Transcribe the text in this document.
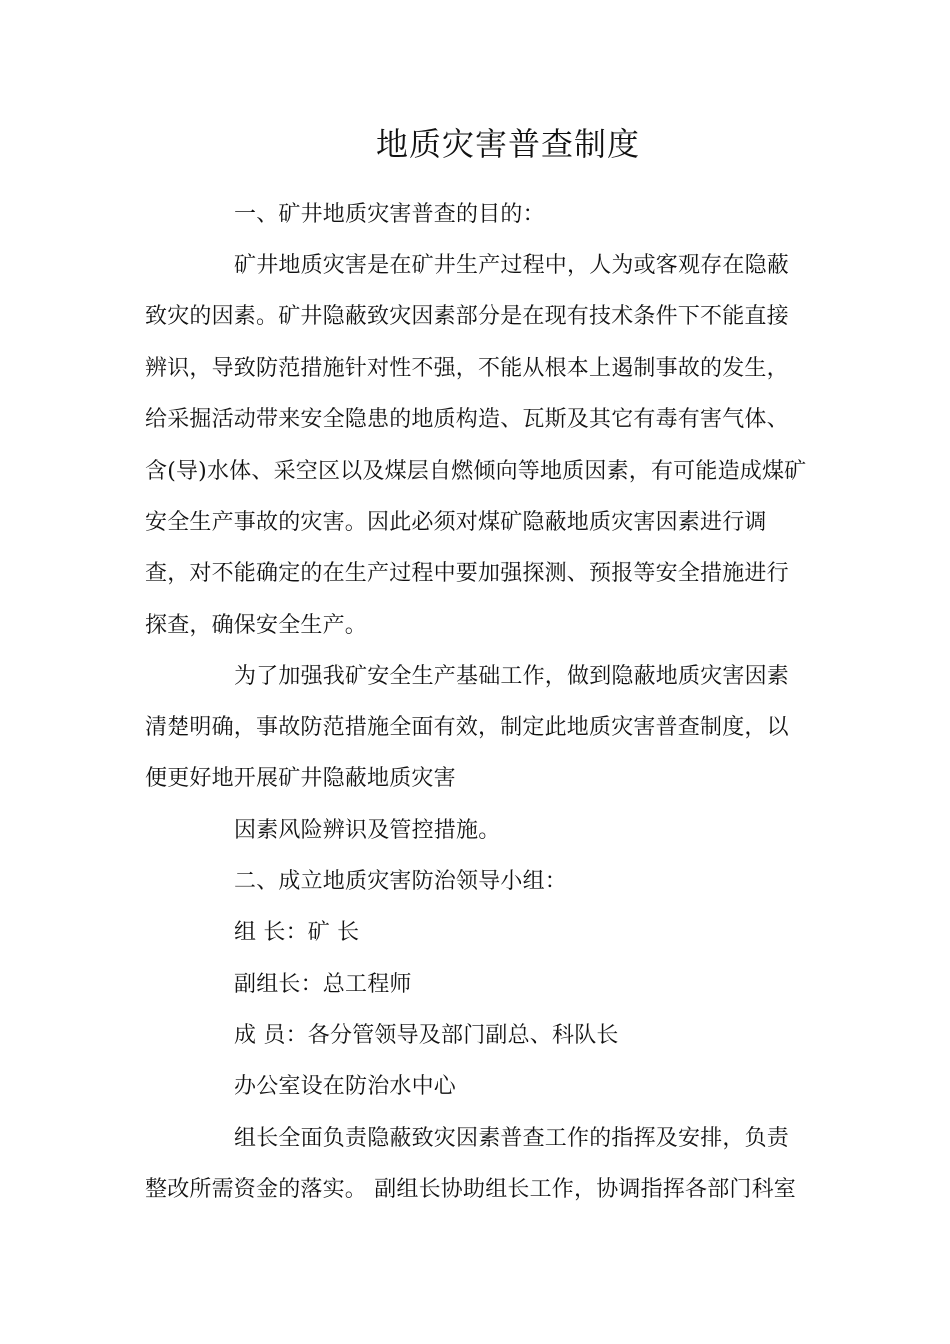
地质灾害普查制度
一、矿井地质灾害普查的目的：
矿井地质灾害是在矿井生产过程中，人为或客观存在隐蔽
致灾的因素。矿井隐蔽致灾因素部分是在现有技术条件下不能直接
辨识，导致防范措施针对性不强，不能从根本上遏制事故的发生，
给采掘活动带来安全隐患的地质构造、瓦斯及其它有毒有害气体、
含(导)水体、采空区以及煤层自燃倾向等地质因素，有可能造成煤矿
安全生产事故的灾害。因此必须对煤矿隐蔽地质灾害因素进行调
查，对不能确定的在生产过程中要加强探测、预报等安全措施进行
探查，确保安全生产。
为了加强我矿安全生产基础工作，做到隐蔽地质灾害因素
清楚明确，事故防范措施全面有效，制定此地质灾害普查制度，以
便更好地开展矿井隐蔽地质灾害
因素风险辨识及管控措施。
二、成立地质灾害防治领导小组：
组 长：矿 长
副组长：总工程师
成 员：各分管领导及部门副总、科队长
办公室设在防治水中心
组长全面负责隐蔽致灾因素普查工作的指挥及安排，负责
整改所需资金的落实。 副组长协助组长工作，协调指挥各部门科室
